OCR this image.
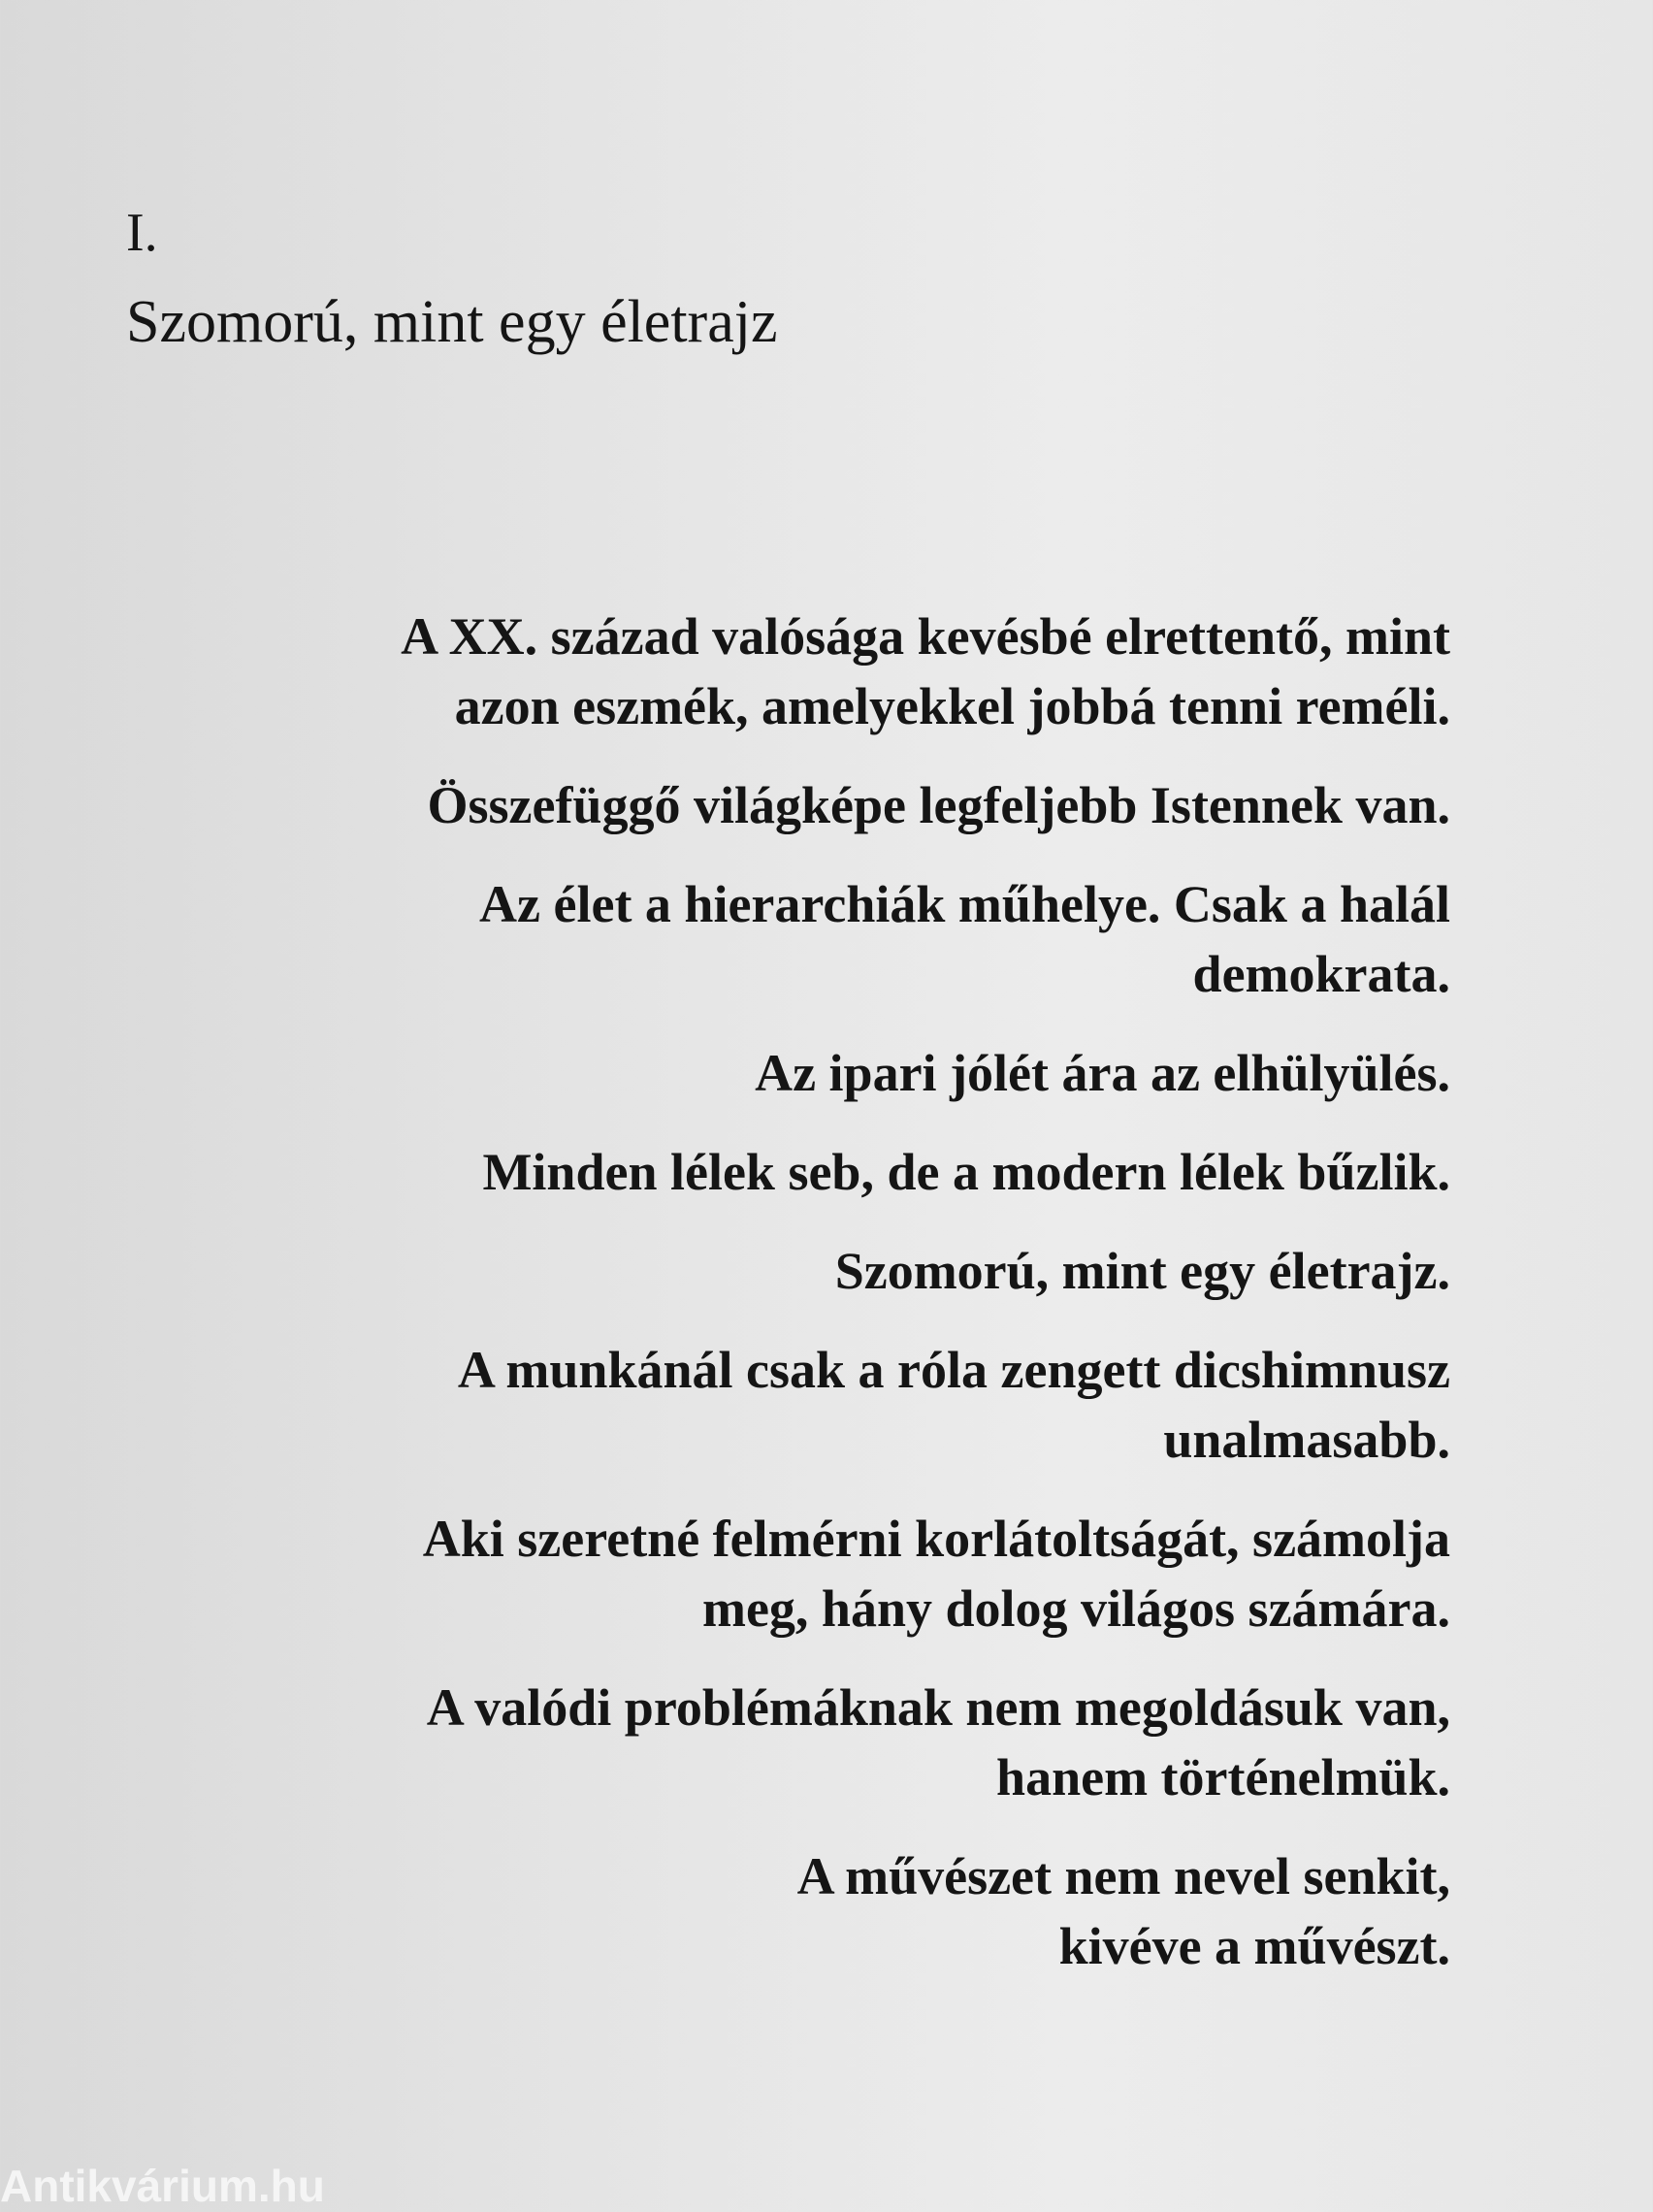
I.

Szomorú, mint egy életrajz

A XX. század valósága kevésbé elrettentő, mint
azon eszmék, amelyekkel jobbá tenni reméli.

Összefüggő világképe legfeljebb Istennek van.

Az élet a hierarchiák műhelye. Csak a halál
demokrata.

Az ipari jólét ára az elhülyülés.

Minden lélek seb, de a modern lélek bűzlik.

Szomorú, mint egy életrajz.

A munkánál csak a róla zengett dicshimnusz
unalmasabb.

Aki szeretné felmérni korlátoltságát, számolja
meg, hány dolog világos számára.

A valódi problémáknak nem megoldásuk van,
hanem történelmük.

A művészet nem nevel senkit,
kivéve a művészt.

Antikvárium.hu
